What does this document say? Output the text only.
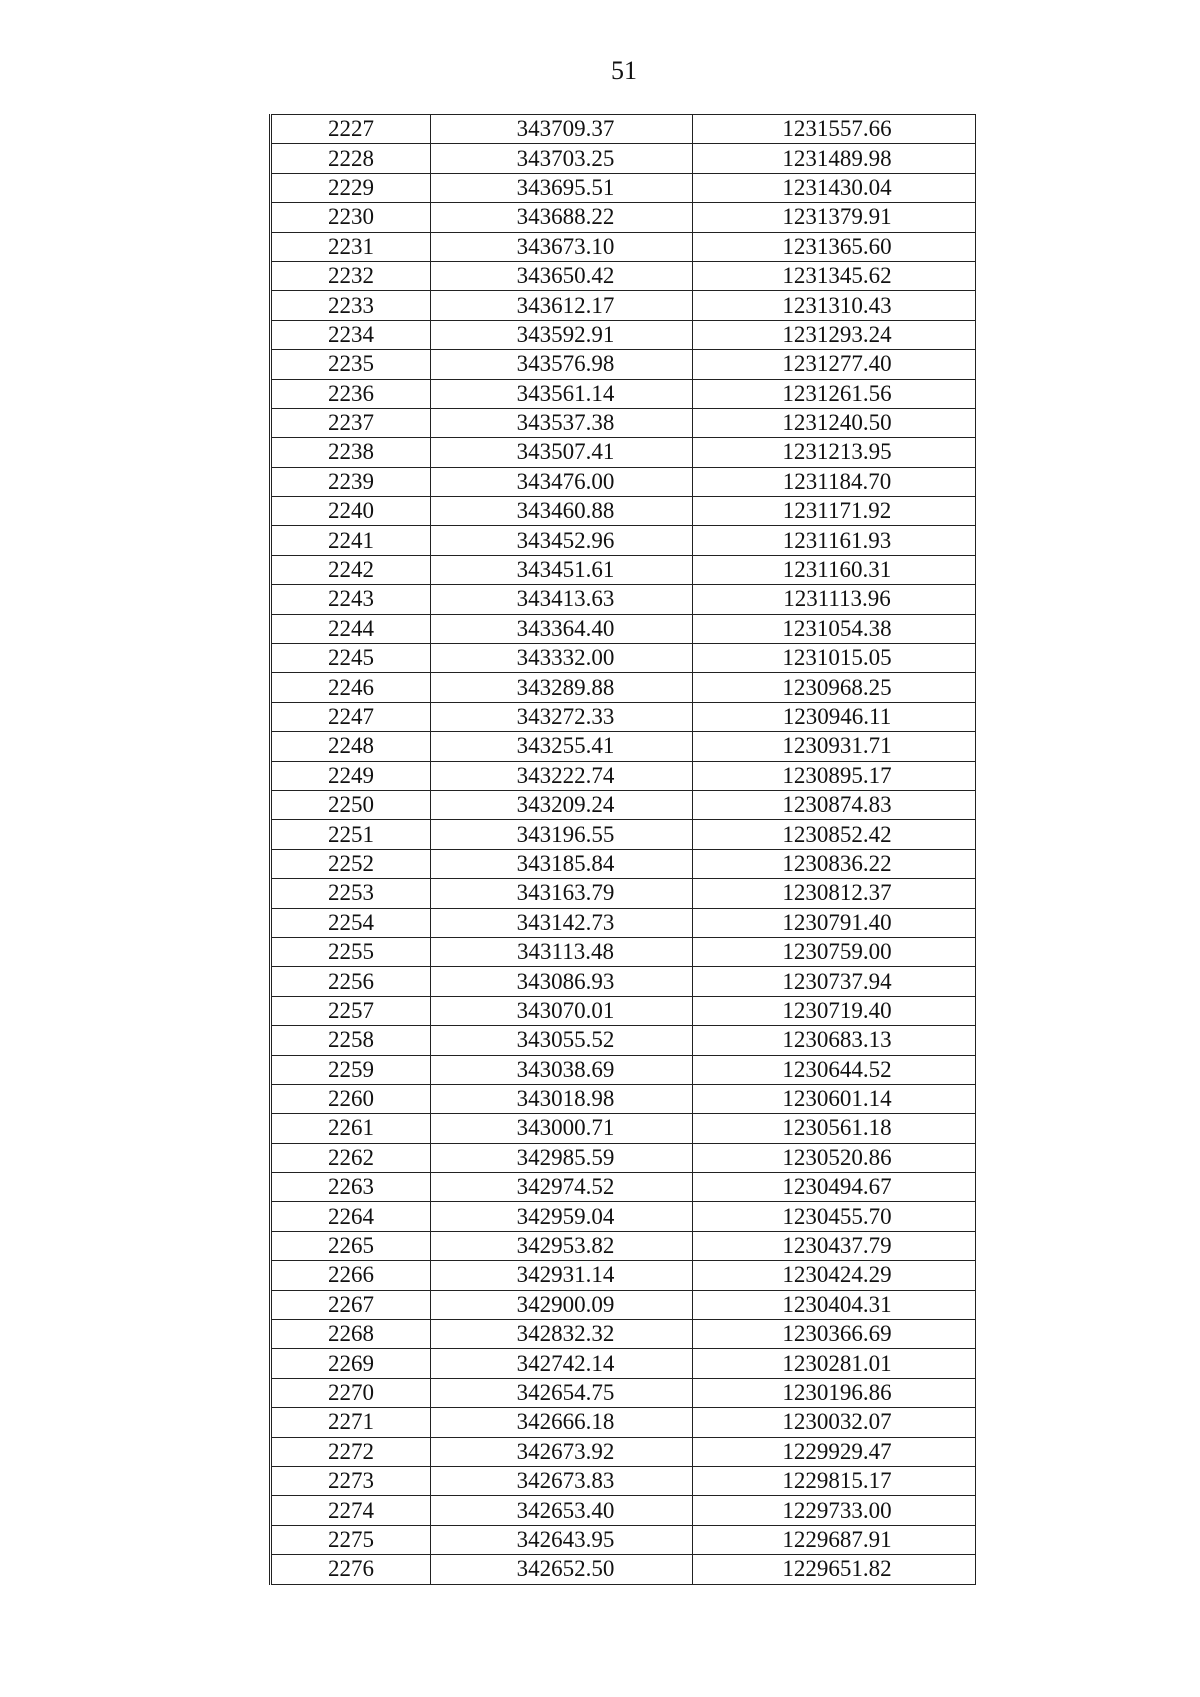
51
2227	343709.37	1231557.66
2228	343703.25	1231489.98
2229	343695.51	1231430.04
2230	343688.22	1231379.91
2231	343673.10	1231365.60
2232	343650.42	1231345.62
2233	343612.17	1231310.43
2234	343592.91	1231293.24
2235	343576.98	1231277.40
2236	343561.14	1231261.56
2237	343537.38	1231240.50
2238	343507.41	1231213.95
2239	343476.00	1231184.70
2240	343460.88	1231171.92
2241	343452.96	1231161.93
2242	343451.61	1231160.31
2243	343413.63	1231113.96
2244	343364.40	1231054.38
2245	343332.00	1231015.05
2246	343289.88	1230968.25
2247	343272.33	1230946.11
2248	343255.41	1230931.71
2249	343222.74	1230895.17
2250	343209.24	1230874.83
2251	343196.55	1230852.42
2252	343185.84	1230836.22
2253	343163.79	1230812.37
2254	343142.73	1230791.40
2255	343113.48	1230759.00
2256	343086.93	1230737.94
2257	343070.01	1230719.40
2258	343055.52	1230683.13
2259	343038.69	1230644.52
2260	343018.98	1230601.14
2261	343000.71	1230561.18
2262	342985.59	1230520.86
2263	342974.52	1230494.67
2264	342959.04	1230455.70
2265	342953.82	1230437.79
2266	342931.14	1230424.29
2267	342900.09	1230404.31
2268	342832.32	1230366.69
2269	342742.14	1230281.01
2270	342654.75	1230196.86
2271	342666.18	1230032.07
2272	342673.92	1229929.47
2273	342673.83	1229815.17
2274	342653.40	1229733.00
2275	342643.95	1229687.91
2276	342652.50	1229651.82
